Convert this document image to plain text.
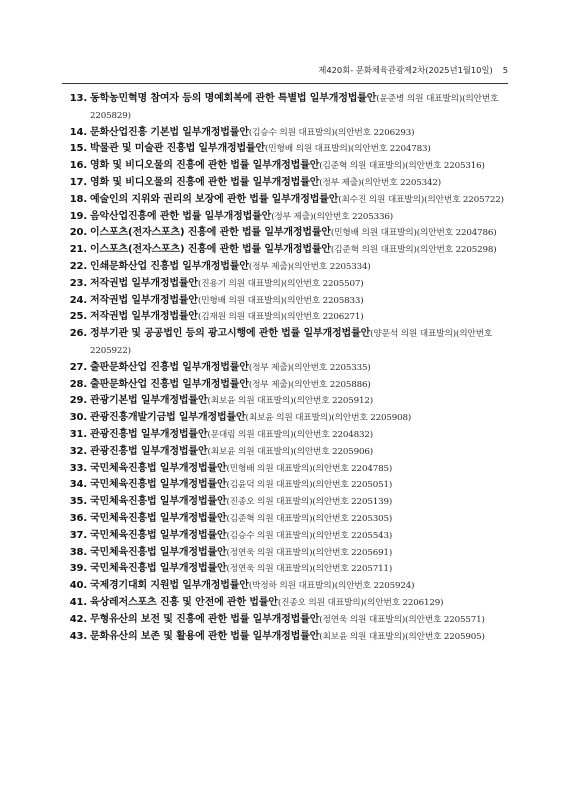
제420회- 문화체육관광제2차(2025년1월10일) 5
13. 동학농민혁명 참여자 등의 명예회복에 관한 특별법 일부개정법률안(윤준병 의원 대표발의)(의안번호 2205829)
14. 문화산업진흥 기본법 일부개정법률안(김승수 의원 대표발의)(의안번호 2206293)
15. 박물관 및 미술관 진흥법 일부개정법률안(민형배 의원 대표발의)(의안번호 2204783)
16. 영화 및 비디오물의 진흥에 관한 법률 일부개정법률안(김준혁 의원 대표발의)(의안번호 2205316)
17. 영화 및 비디오물의 진흥에 관한 법률 일부개정법률안(정부 제출)(의안번호 2205342)
18. 예술인의 지위와 권리의 보장에 관한 법률 일부개정법률안(최수진 의원 대표발의)(의안번호 2205722)
19. 음악산업진흥에 관한 법률 일부개정법률안(정부 제출)(의안번호 2205336)
20. 이스포츠(전자스포츠) 진흥에 관한 법률 일부개정법률안(민형배 의원 대표발의)(의안번호 2204786)
21. 이스포츠(전자스포츠) 진흥에 관한 법률 일부개정법률안(김준혁 의원 대표발의)(의안번호 2205298)
22. 인쇄문화산업 진흥법 일부개정법률안(정부 제출)(의안번호 2205334)
23. 저작권법 일부개정법률안(진용기 의원 대표발의)(의안번호 2205507)
24. 저작권법 일부개정법률안(민형배 의원 대표발의)(의안번호 2205833)
25. 저작권법 일부개정법률안(김재원 의원 대표발의)(의안번호 2206271)
26. 정부기관 및 공공법인 등의 광고시행에 관한 법률 일부개정법률안(양문석 의원 대표발의)(의안번호 2205922)
27. 출판문화산업 진흥법 일부개정법률안(정부 제출)(의안번호 2205335)
28. 출판문화산업 진흥법 일부개정법률안(정부 제출)(의안번호 2205886)
29. 관광기본법 일부개정법률안(최보윤 의원 대표발의)(의안번호 2205912)
30. 관광진흥개발기금법 일부개정법률안(최보윤 의원 대표발의)(의안번호 2205908)
31. 관광진흥법 일부개정법률안(문대림 의원 대표발의)(의안번호 2204832)
32. 관광진흥법 일부개정법률안(최보윤 의원 대표발의)(의안번호 2205906)
33. 국민체육진흥법 일부개정법률안(민형배 의원 대표발의)(의안번호 2204785)
34. 국민체육진흥법 일부개정법률안(김윤덕 의원 대표발의)(의안번호 2205051)
35. 국민체육진흥법 일부개정법률안(진종오 의원 대표발의)(의안번호 2205139)
36. 국민체육진흥법 일부개정법률안(김준혁 의원 대표발의)(의안번호 2205305)
37. 국민체육진흥법 일부개정법률안(김승수 의원 대표발의)(의안번호 2205543)
38. 국민체육진흥법 일부개정법률안(정연욱 의원 대표발의)(의안번호 2205691)
39. 국민체육진흥법 일부개정법률안(정연욱 의원 대표발의)(의안번호 2205711)
40. 국제경기대회 지원법 일부개정법률안(박정하 의원 대표발의)(의안번호 2205924)
41. 육상레저스포츠 진흥 및 안전에 관한 법률안(진종오 의원 대표발의)(의안번호 2206129)
42. 무형유산의 보전 및 진흥에 관한 법률 일부개정법률안(정연욱 의원 대표발의)(의안번호 2205571)
43. 문화유산의 보존 및 활용에 관한 법률 일부개정법률안(최보윤 의원 대표발의)(의안번호 2205905)
